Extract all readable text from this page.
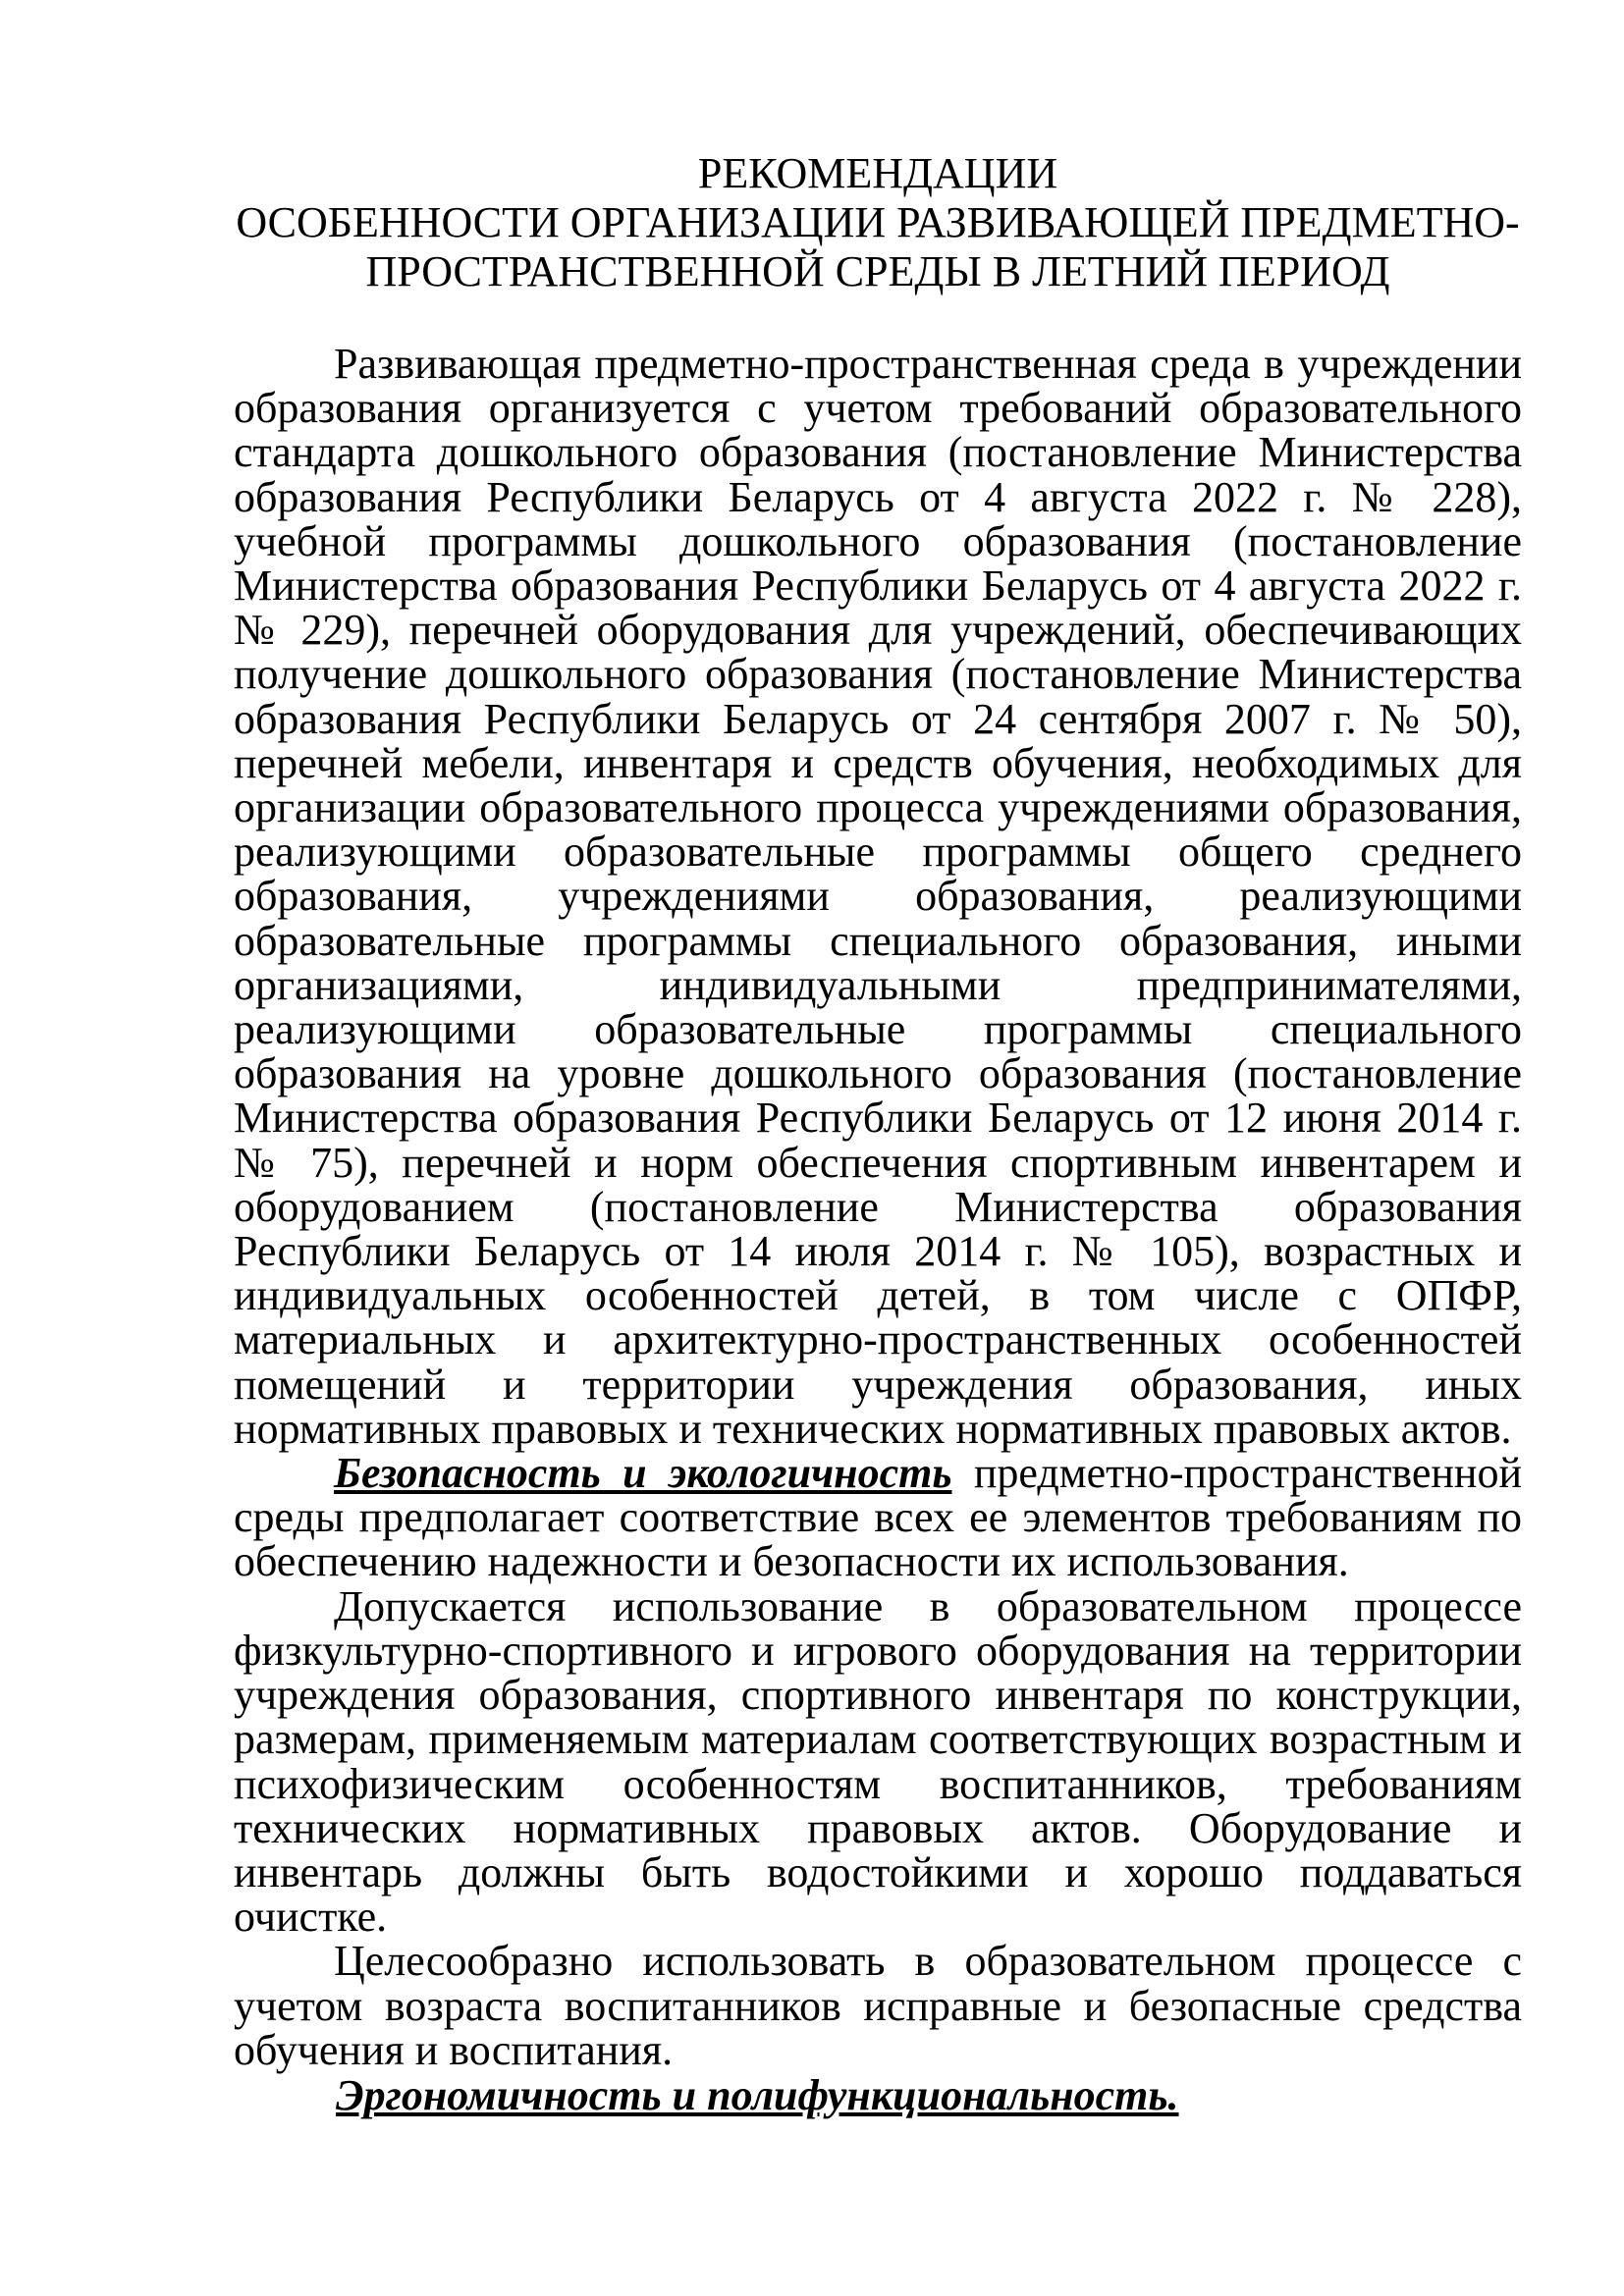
РЕКОМЕНДАЦИИ
ОСОБЕННОСТИ ОРГАНИЗАЦИИ РАЗВИВАЮЩЕЙ ПРЕДМЕТНО-
ПРОСТРАНСТВЕННОЙ СРЕДЫ В ЛЕТНИЙ ПЕРИОД

Развивающая предметно-пространственная среда в учреждении образования организуется с учетом требований образовательного стандарта дошкольного образования (постановление Министерства образования Республики Беларусь от 4 августа 2022 г. № 228), учебной программы дошкольного образования (постановление Министерства образования Республики Беларусь от 4 августа 2022 г. № 229), перечней оборудования для учреждений, обеспечивающих получение дошкольного образования (постановление Министерства образования Республики Беларусь от 24 сентября 2007 г. № 50), перечней мебели, инвентаря и средств обучения, необходимых для организации образовательного процесса учреждениями образования, реализующими образовательные программы общего среднего образования, учреждениями образования, реализующими образовательные программы специального образования, иными организациями, индивидуальными предпринимателями, реализующими образовательные программы специального образования на уровне дошкольного образования (постановление Министерства образования Республики Беларусь от 12 июня 2014 г. № 75), перечней и норм обеспечения спортивным инвентарем и оборудованием (постановление Министерства образования Республики Беларусь от 14 июля 2014 г. № 105), возрастных и индивидуальных особенностей детей, в том числе с ОПФР, материальных и архитектурно-пространственных особенностей помещений и территории учреждения образования, иных нормативных правовых и технических нормативных правовых актов.

Безопасность и экологичность предметно-пространственной среды предполагает соответствие всех ее элементов требованиям по обеспечению надежности и безопасности их использования.

Допускается использование в образовательном процессе физкультурно-спортивного и игрового оборудования на территории учреждения образования, спортивного инвентаря по конструкции, размерам, применяемым материалам соответствующих возрастным и психофизическим особенностям воспитанников, требованиям технических нормативных правовых актов. Оборудование и инвентарь должны быть водостойкими и хорошо поддаваться очистке.

Целесообразно использовать в образовательном процессе с учетом возраста воспитанников исправные и безопасные средства обучения и воспитания.

Эргономичность и полифункциональность.
